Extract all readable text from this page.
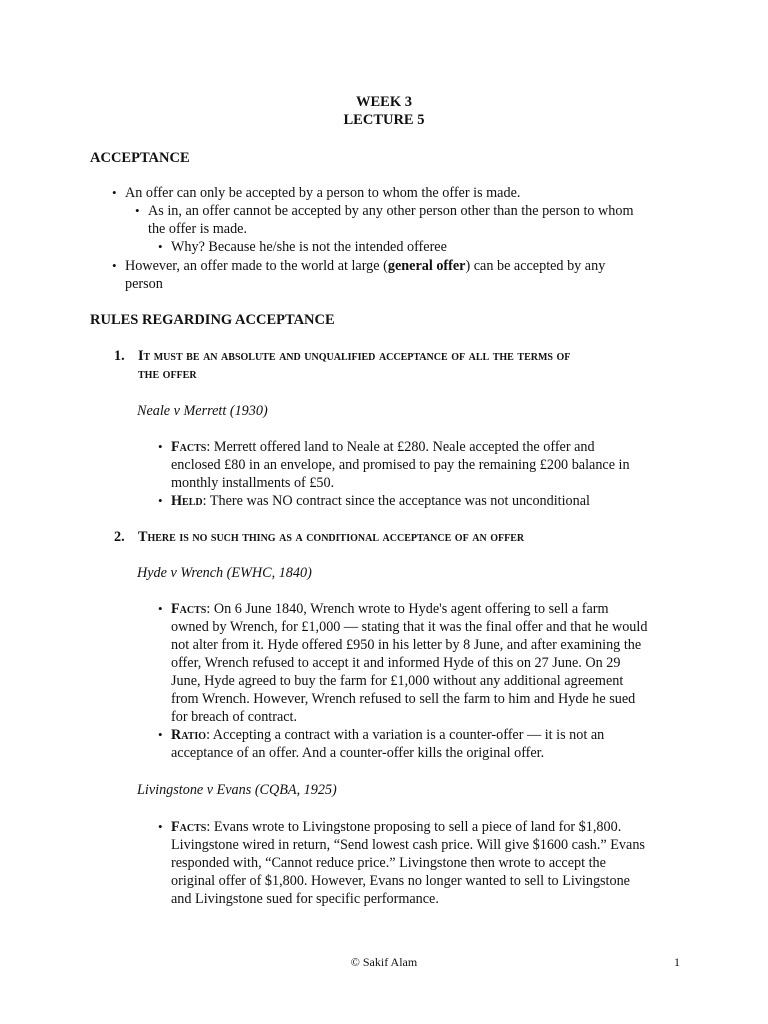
WEEK 3
LECTURE 5
ACCEPTANCE
• An offer can only be accepted by a person to whom the offer is made.
• As in, an offer cannot be accepted by any other person other than the person to whom
the offer is made.
• Why? Because he/she is not the intended offeree
• However, an offer made to the world at large (general offer) can be accepted by any
person
RULES REGARDING ACCEPTANCE
1. It must be an absolute and unqualified acceptance of all the terms of
the offer
Neale v Merrett (1930)
• Facts: Merrett offered land to Neale at £280. Neale accepted the offer and
enclosed £80 in an envelope, and promised to pay the remaining £200 balance in
monthly installments of £50.
• Held: There was NO contract since the acceptance was not unconditional
2. There is no such thing as a conditional acceptance of an offer
Hyde v Wrench (EWHC, 1840)
• Facts: On 6 June 1840, Wrench wrote to Hyde's agent offering to sell a farm
owned by Wrench, for £1,000 — stating that it was the final offer and that he would
not alter from it. Hyde offered £950 in his letter by 8 June, and after examining the
offer, Wrench refused to accept it and informed Hyde of this on 27 June. On 29
June, Hyde agreed to buy the farm for £1,000 without any additional agreement
from Wrench. However, Wrench refused to sell the farm to him and Hyde he sued
for breach of contract.
• Ratio: Accepting a contract with a variation is a counter-offer — it is not an
acceptance of an offer. And a counter-offer kills the original offer.
Livingstone v Evans (CQBA, 1925)
• Facts: Evans wrote to Livingstone proposing to sell a piece of land for $1,800.
Livingstone wired in return, “Send lowest cash price. Will give $1600 cash.” Evans
responded with, “Cannot reduce price.” Livingstone then wrote to accept the
original offer of $1,800. However, Evans no longer wanted to sell to Livingstone
and Livingstone sued for specific performance.
© Sakif Alam	1
